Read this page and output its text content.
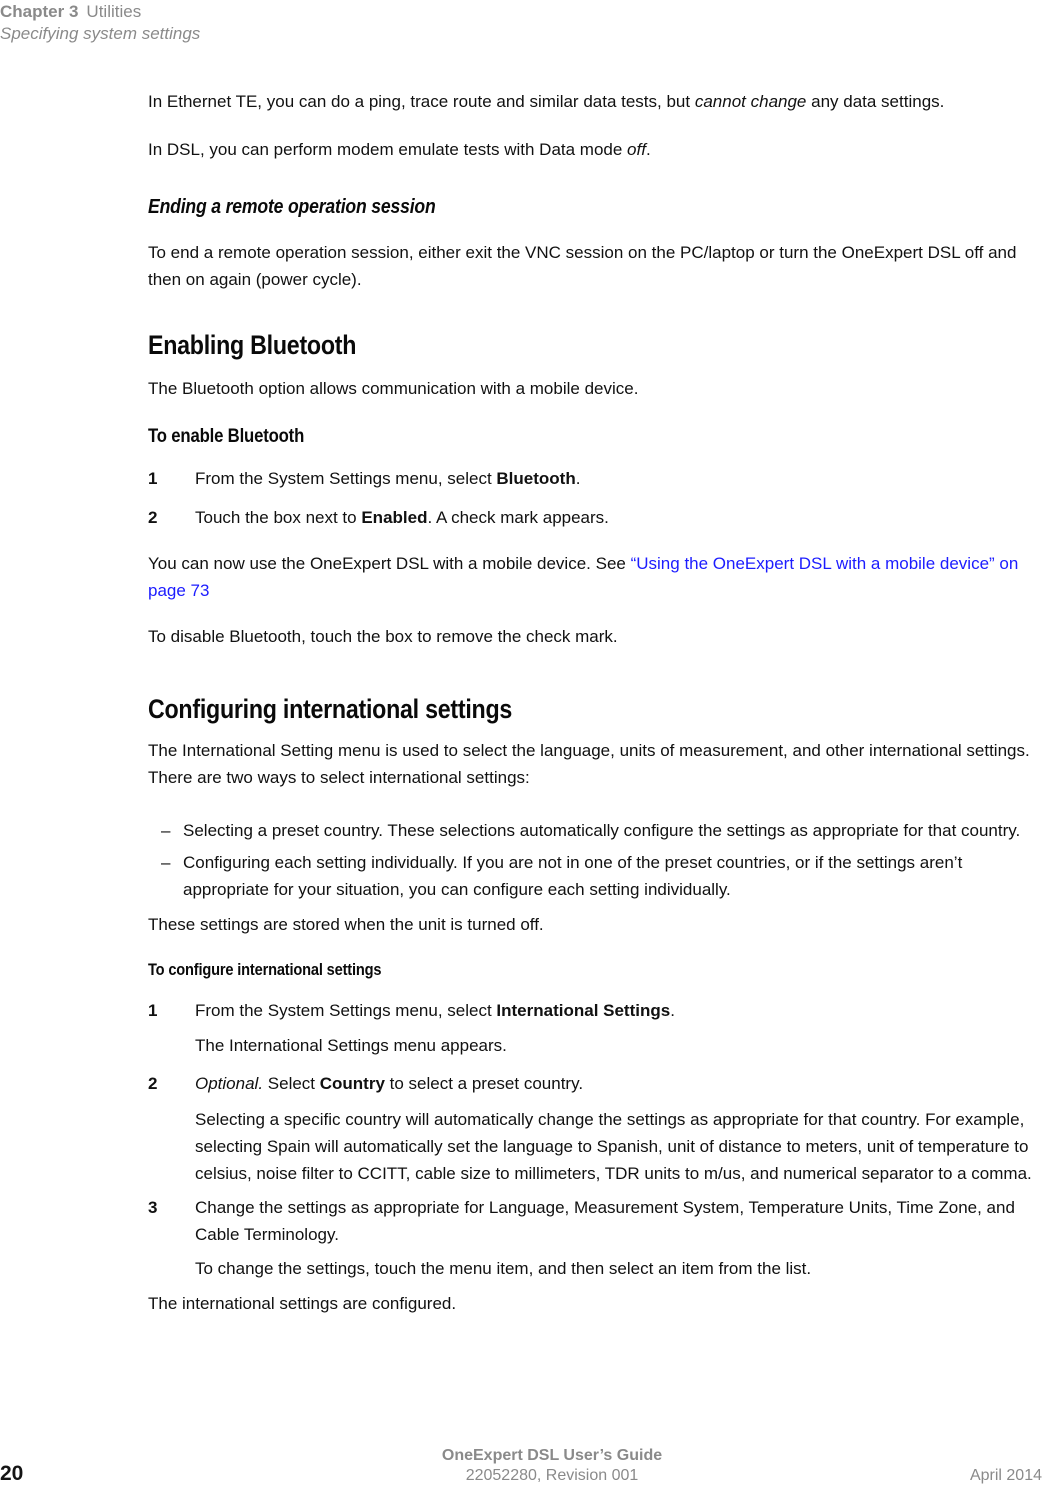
Chapter 3 Utilities
Specifying system settings

In Ethernet TE, you can do a ping, trace route and similar data tests, but cannot change any data settings.

In DSL, you can perform modem emulate tests with Data mode off.

Ending a remote operation session

To end a remote operation session, either exit the VNC session on the PC/laptop or turn the OneExpert DSL off and then on again (power cycle).

Enabling Bluetooth

The Bluetooth option allows communication with a mobile device.

To enable Bluetooth
1	From the System Settings menu, select Bluetooth.
2	Touch the box next to Enabled. A check mark appears.

You can now use the OneExpert DSL with a mobile device. See “Using the OneExpert DSL with a mobile device” on page 73

To disable Bluetooth, touch the box to remove the check mark.

Configuring international settings

The International Setting menu is used to select the language, units of measurement, and other international settings. There are two ways to select international settings:

– Selecting a preset country. These selections automatically configure the settings as appropriate for that country.
– Configuring each setting individually. If you are not in one of the preset countries, or if the settings aren’t appropriate for your situation, you can configure each setting individually.

These settings are stored when the unit is turned off.

To configure international settings
1	From the System Settings menu, select International Settings.

The International Settings menu appears.

2	Optional. Select Country to select a preset country.

Selecting a specific country will automatically change the settings as appropriate for that country. For example, selecting Spain will automatically set the language to Spanish, unit of distance to meters, unit of temperature to celsius, noise filter to CCITT, cable size to millimeters, TDR units to m/us, and numerical separator to a comma.

3	Change the settings as appropriate for Language, Measurement System, Temperature Units, Time Zone, and Cable Terminology.

To change the settings, touch the menu item, and then select an item from the list.

The international settings are configured.

20
OneExpert DSL User’s Guide
22052280, Revision 001	April 2014
